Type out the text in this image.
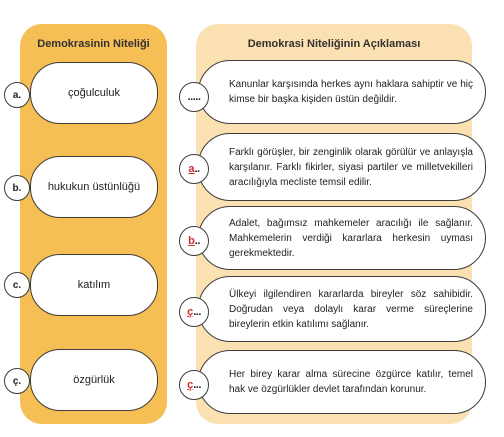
Demokrasinin Niteliği
çoğulculuk
a.
hukukun üstünlüğü
b.
katılım
c.
özgürlük
ç.
Demokrasi Niteliğinin Açıklaması
Kanunlar karşısında herkes aynı haklara sahiptir ve hiç kimse bir başka kişiden üstün değildir.
.....
Farklı görüşler, bir zenginlik olarak görülür ve anlayışla karşılanır. Farklı fikirler, siyasi partiler ve milletvekilleri aracılığıyla mecliste temsil edilir.
a ..
Adalet, bağımsız mahkemeler aracılığı ile sağlanır. Mahkemelerin verdiği kararlara herkesin uyması gerekmektedir.
b ..
Ülkeyi ilgilendiren kararlarda bireyler söz sahibidir. Doğrudan veya dolaylı karar verme süreçlerine bireylerin etkin katılımı sağlanır.
ç ...
Her birey karar alma sürecine özgürce katılır, temel hak ve özgürlükler devlet tarafından korunur.
ç ...
